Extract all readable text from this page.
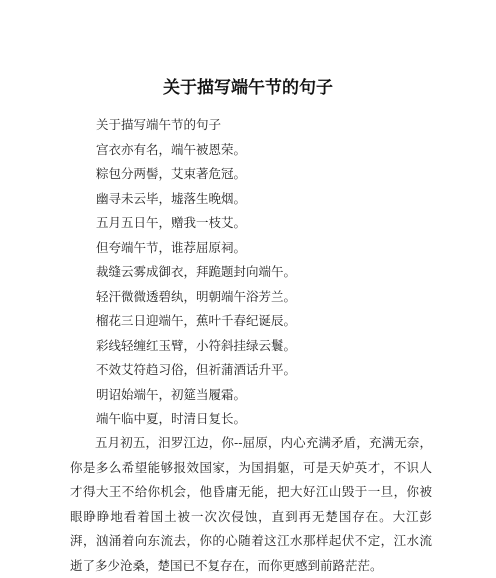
关于描写端午节的句子
关于描写端午节的句子
宫衣亦有名，端午被恩荣。
粽包分两髻，艾束著危冠。
幽寻未云毕，墟落生晚烟。
五月五日午，赠我一枝艾。
但夸端午节，谁荐屈原祠。
裁缝云雾成御衣，拜跪题封向端午。
轻汗微微透碧纨，明朝端午浴芳兰。
榴花三日迎端午，蕉叶千春纪诞辰。
彩线轻缠红玉臂，小符斜挂绿云鬟。
不效艾符趋习俗，但祈蒲酒话升平。
明诏始端午，初筵当履霜。
端午临中夏，时清日复长。
五月初五，汨罗江边，你--屈原，内心充满矛盾，充满无奈，你是多么希望能够报效国家，为国捐躯，可是天妒英才，不识人才得大王不给你机会，他昏庸无能，把大好江山毁于一旦，你被眼睁睁地看着国土被一次次侵蚀，直到再无楚国存在。大江彭湃，汹涌着向东流去，你的心随着这江水那样起伏不定，江水流逝了多少沧桑，楚国已不复存在，而你更感到前路茫茫。
